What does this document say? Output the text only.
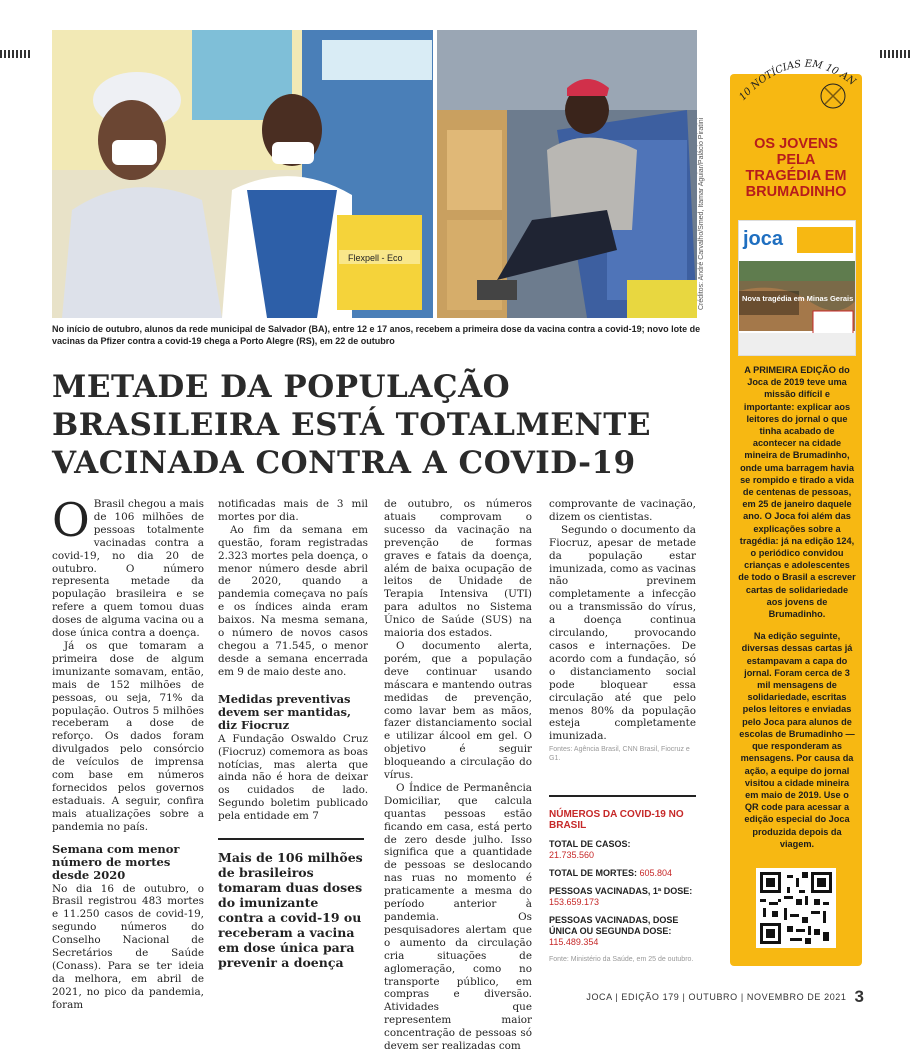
Flexpell - Eco	Créditos: André Carvalho/Smed, Itamar Aguiar/Palácio Piratini
No início de outubro, alunos da rede municipal de Salvador (BA), entre 12 e 17 anos, recebem a primeira dose da vacina contra a covid-19; novo lote de vacinas da Pfizer contra a covid-19 chega a Porto Alegre (RS), em 22 de outubro
METADE DA POPULAÇÃO BRASILEIRA ESTÁ TOTALMENTE VACINADA CONTRA A COVID-19

O Brasil chegou a mais de 106 milhões de pessoas totalmente vacinadas contra a covid-19, no dia 20 de outubro. O número representa metade da população brasileira e se refere a quem tomou duas doses de alguma vacina ou a dose única contra a doença.

Já os que tomaram a primeira dose de algum imunizante somavam, então, mais de 152 milhões de pessoas, ou seja, 71% da população. Outros 5 milhões receberam a dose de reforço. Os dados foram divulgados pelo consórcio de veículos de imprensa com base em números fornecidos pelos governos estaduais. A seguir, confira mais atualizações sobre a pandemia no país.

Semana com menor número de mortes desde 2020

No dia 16 de outubro, o Brasil registrou 483 mortes e 11.250 casos de covid-19, segundo números do Conselho Nacional de Secretários de Saúde (Conass). Para se ter ideia da melhora, em abril de 2021, no pico da pandemia, foram

notificadas mais de 3 mil mortes por dia.

Ao fim da semana em questão, foram registradas 2.323 mortes pela doença, o menor número desde abril de 2020, quando a pandemia começava no país e os índices ainda eram baixos. Na mesma semana, o número de novos casos chegou a 71.545, o menor desde a semana encerrada em 9 de maio deste ano.

Medidas preventivas devem ser mantidas, diz Fiocruz

A Fundação Oswaldo Cruz (Fiocruz) comemora as boas notícias, mas alerta que ainda não é hora de deixar os cuidados de lado. Segundo boletim publicado pela entidade em 7

Mais de 106 milhões de brasileiros tomaram duas doses do imunizante contra a covid-19 ou receberam a vacina em dose única para prevenir a doença

de outubro, os números atuais comprovam o sucesso da vacinação na prevenção de formas graves e fatais da doença, além de baixa ocupação de leitos de Unidade de Terapia Intensiva (UTI) para adultos no Sistema Único de Saúde (SUS) na maioria dos estados.

O documento alerta, porém, que a população deve continuar usando máscara e mantendo outras medidas de prevenção, como lavar bem as mãos, fazer distanciamento social e utilizar álcool em gel. O objetivo é seguir bloqueando a circulação do vírus.

O Índice de Permanência Domiciliar, que calcula quantas pessoas estão ficando em casa, está perto de zero desde julho. Isso significa que a quantidade de pessoas se deslocando nas ruas no momento é praticamente a mesma do período anterior à pandemia. Os pesquisadores alertam que o aumento da circulação cria situações de aglomeração, como no transporte público, em compras e diversão. Atividades que representem maior concentração de pessoas só devem ser realizadas com

comprovante de vacinação, dizem os cientistas.

Segundo o documento da Fiocruz, apesar de metade da população estar imunizada, como as vacinas não previnem completamente a infecção ou a transmissão do vírus, a doença continua circulando, provocando casos e internações. De acordo com a fundação, só o distanciamento social pode bloquear essa circulação até que pelo menos 80% da população esteja completamente imunizada.

Fontes: Agência Brasil, CNN Brasil, Fiocruz e G1.
NÚMEROS DA COVID-19 NO BRASIL
TOTAL DE CASOS:
21.735.560
TOTAL DE MORTES: 605.804
PESSOAS VACINADAS, 1ª DOSE:
153.659.173
PESSOAS VACINADAS, DOSE ÚNICA OU SEGUNDA DOSE:
115.489.354
Fonte: Ministério da Saúde, em 25 de outubro.
10 NOTÍCIAS EM 10 AN
OS JOVENS PELA TRAGÉDIA EM BRUMADINHO
joca
Nova tragédia em Minas Gerais

A PRIMEIRA EDIÇÃO do Joca de 2019 teve uma missão difícil e importante: explicar aos leitores do jornal o que tinha acabado de acontecer na cidade mineira de Brumadinho, onde uma barragem havia se rompido e tirado a vida de centenas de pessoas, em 25 de janeiro daquele ano. O Joca foi além das explicações sobre a tragédia: já na edição 124, o periódico convidou crianças e adolescentes de todo o Brasil a escrever cartas de solidariedade aos jovens de Brumadinho.

Na edição seguinte, diversas dessas cartas já estampavam a capa do jornal. Foram cerca de 3 mil mensagens de solidariedade, escritas pelos leitores e enviadas pelo Joca para alunos de escolas de Brumadinho — que responderam as mensagens. Por causa da ação, a equipe do jornal visitou a cidade mineira em maio de 2019. Use o QR code para acessar a edição especial do Joca produzida depois da viagem.

JOCA | EDIÇÃO 179 | OUTUBRO | NOVEMBRO DE 2021 3
